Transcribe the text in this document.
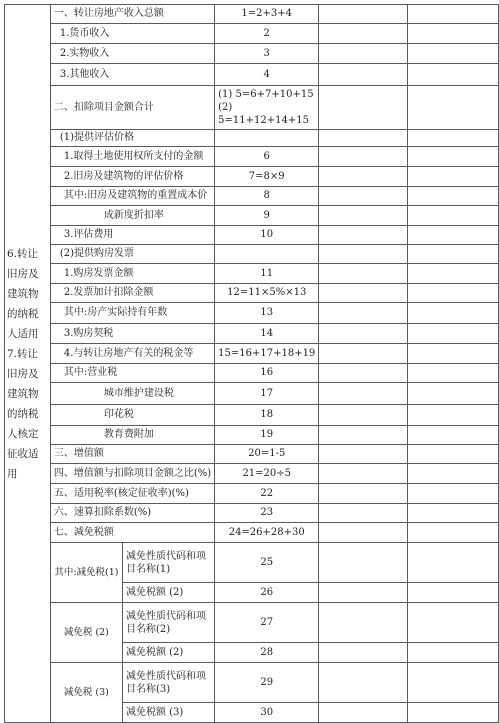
6.转让旧房及建筑物的纳税人适用7.转让旧房及建筑物的纳税人核定征收适用	一、转让房地产收入总额		1=2+3+4		
	1.货币收入		2		
	2.实物收入		3		
	3.其他收入		4		
	二、扣除项目金额合计		(1) 5=6+7+10+15
(2) 5=11+12+14+15		

	(1)提供评估价格				
	1.取得土地使用权所支付的金额		6		
	2.旧房及建筑物的评估价格		7=8×9		
	其中:旧房及建筑物的重置成本价		8		
	成新度折扣率		9		
	3.评估费用		10		
	(2)提供购房发票				
	1.购房发票金额		11		
	2.发票加计扣除金额		12=11×5%×13		
	其中:房产实际持有年数		13		
	3.购房契税		14		
	4.与转让房地产有关的税金等		15=16+17+18+19		
	其中:营业税		16		
	城市维护建设税		17		
	印花税		18		
	教育费附加		19		
	三、增值额		20=1-5		
	四、增值额与扣除项目金额之比(%)		21=20÷5		
	五、适用税率(核定征收率)(%)		22		
	六、速算扣除系数(%)		23		
	七、减免税额		24=26+28+30		
	其中:减免税(1)	减免性质代码和项目名称(1)	25		
		减免税额 (2)	26		
	减免税 (2)	减免性质代码和项目名称(2)	27		
		减免税额 (2)	28		
	减免税 (3)	减免性质代码和项目名称(3)	29		
		减免税额 (3)	30		
